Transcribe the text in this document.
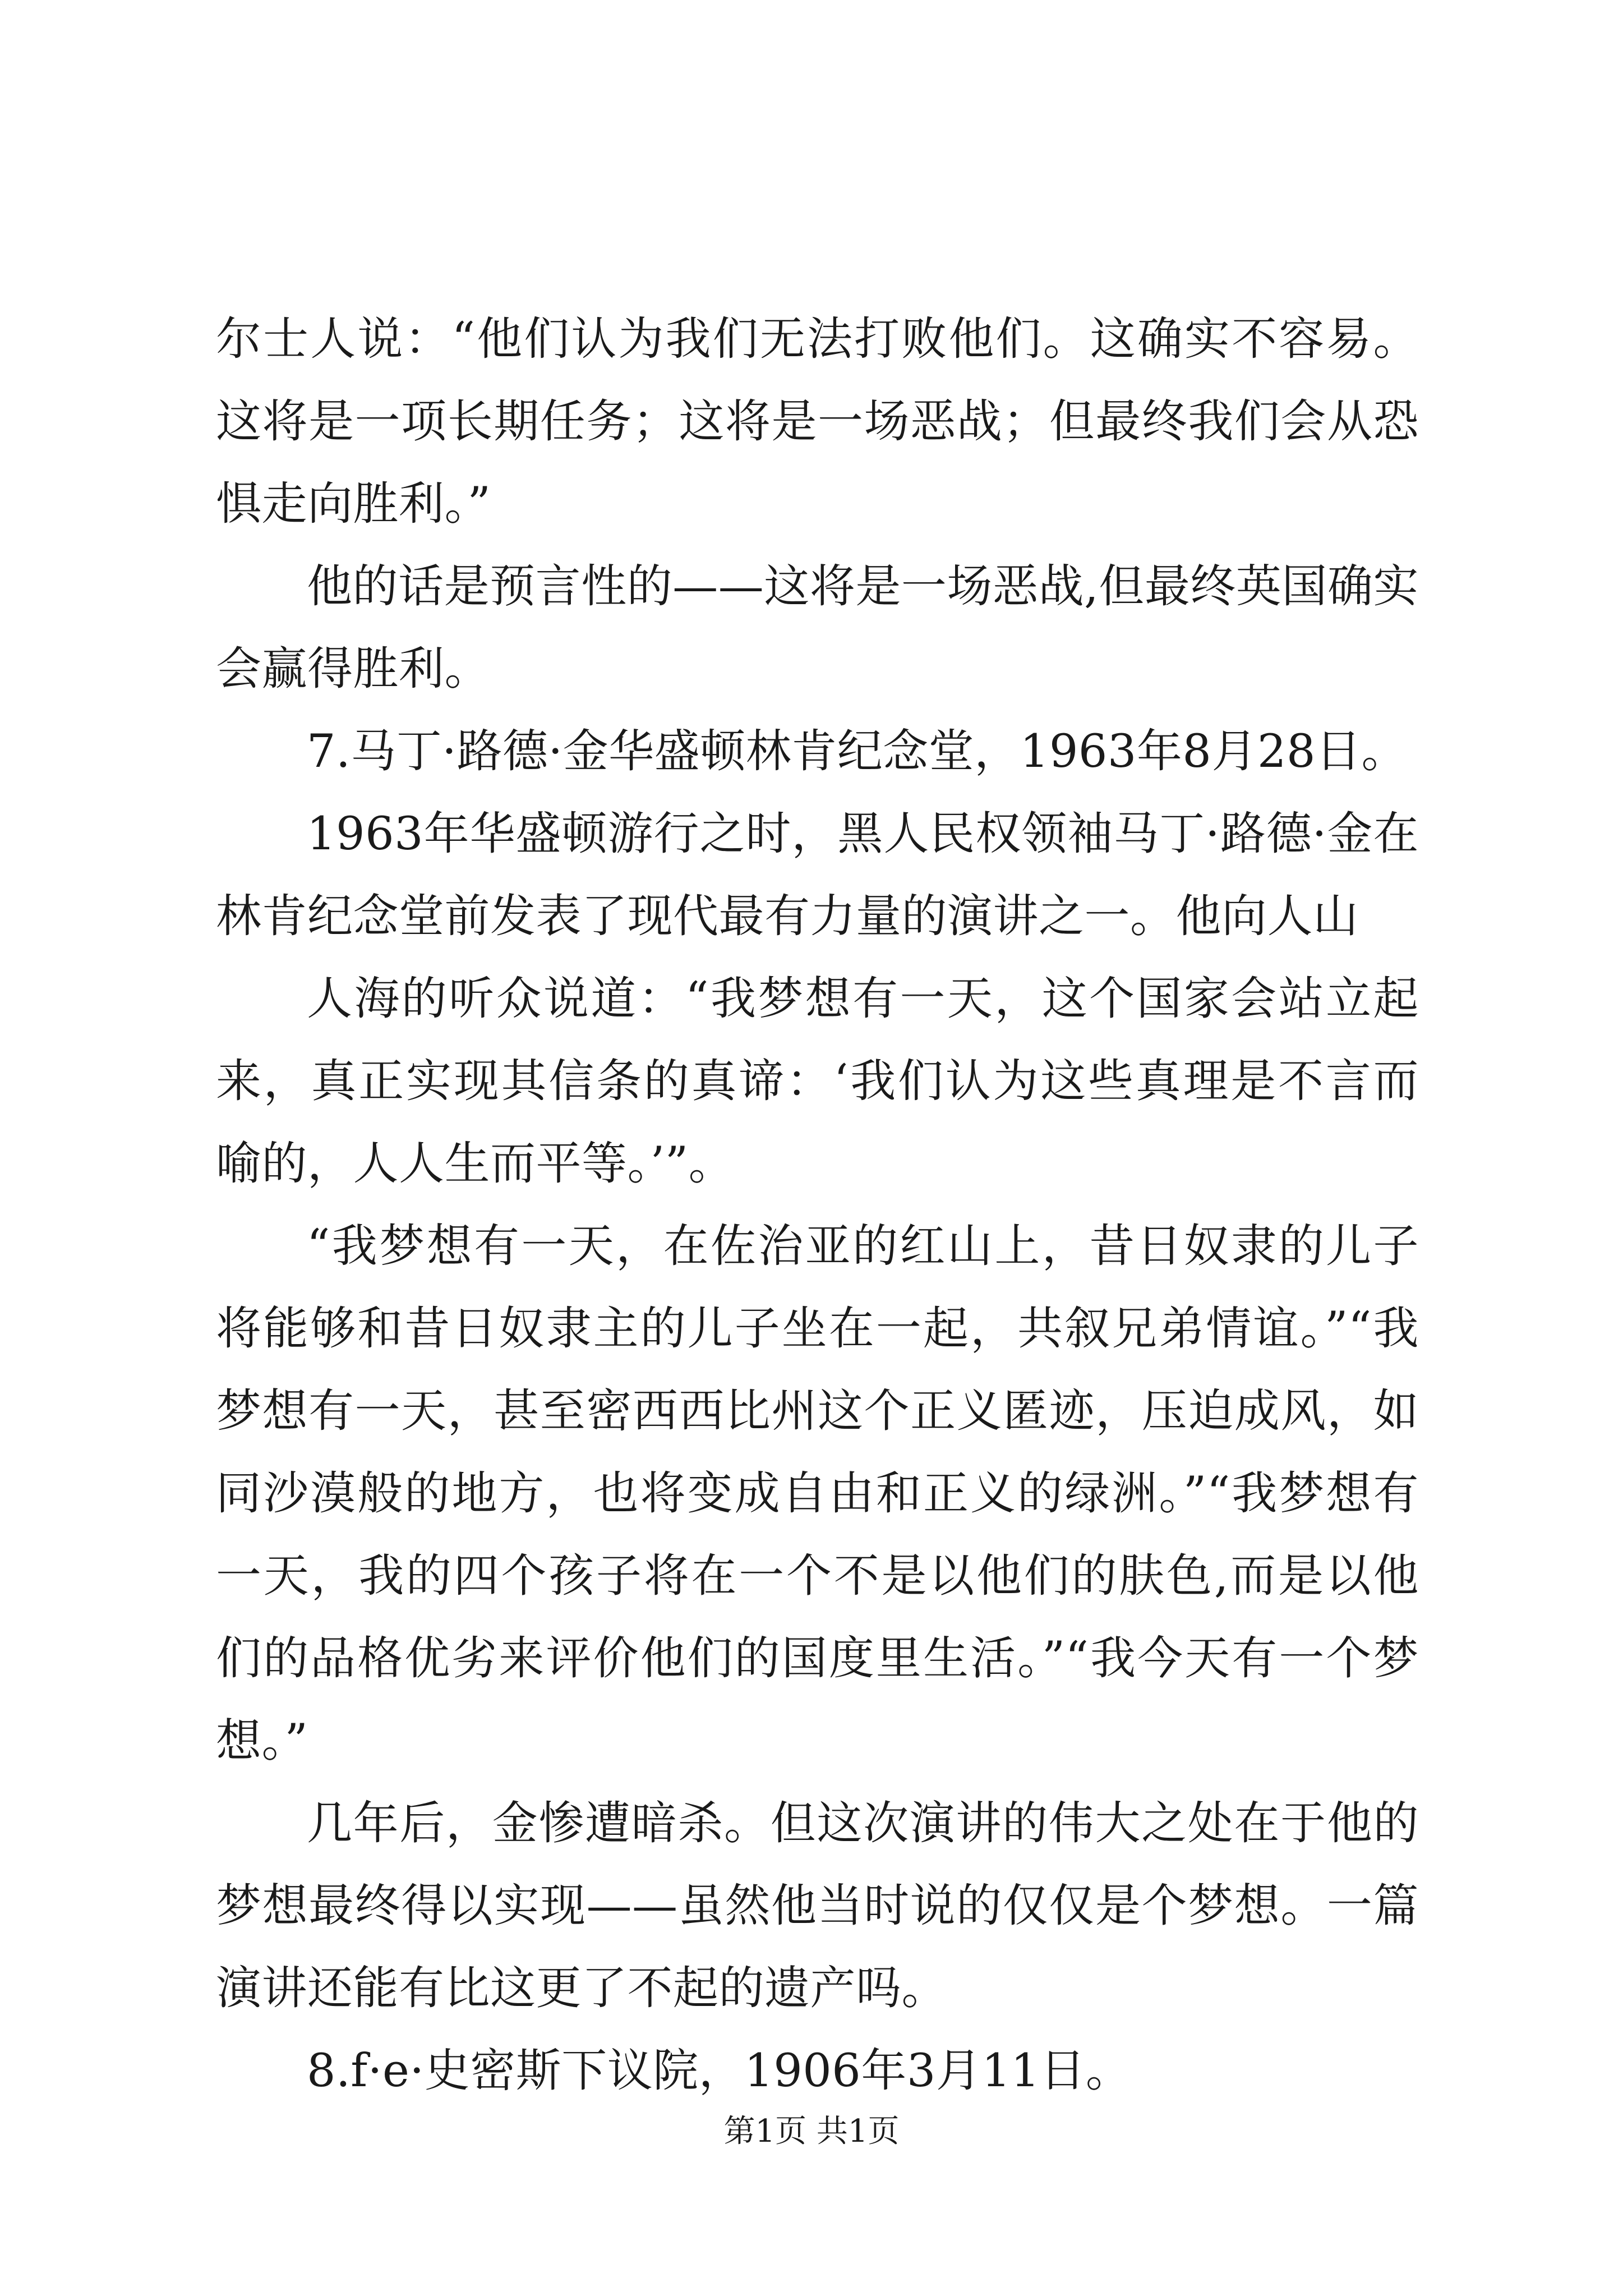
尔士人说：“他们认为我们无法打败他们。这确实不容易。这将是一项长期任务；这将是一场恶战；但最终我们会从恐惧走向胜利。”

他的话是预言性的——这将是一场恶战,但最终英国确实会赢得胜利。

7.马丁·路德·金华盛顿林肯纪念堂，1963年8月28日。

1963年华盛顿游行之时，黑人民权领袖马丁·路德·金在林肯纪念堂前发表了现代最有力量的演讲之一。他向人山

人海的听众说道：“我梦想有一天，这个国家会站立起来，真正实现其信条的真谛：‘我们认为这些真理是不言而喻的，人人生而平等。’”。

“我梦想有一天，在佐治亚的红山上，昔日奴隶的儿子将能够和昔日奴隶主的儿子坐在一起，共叙兄弟情谊。”“我梦想有一天，甚至密西西比州这个正义匿迹，压迫成风，如同沙漠般的地方，也将变成自由和正义的绿洲。”“我梦想有一天，我的四个孩子将在一个不是以他们的肤色,而是以他们的品格优劣来评价他们的国度里生活。”“我今天有一个梦想。”

几年后，金惨遭暗杀。但这次演讲的伟大之处在于他的梦想最终得以实现——虽然他当时说的仅仅是个梦想。一篇演讲还能有比这更了不起的遗产吗。

8.f·e·史密斯下议院，1906年3月11日。

第1页 共1页
